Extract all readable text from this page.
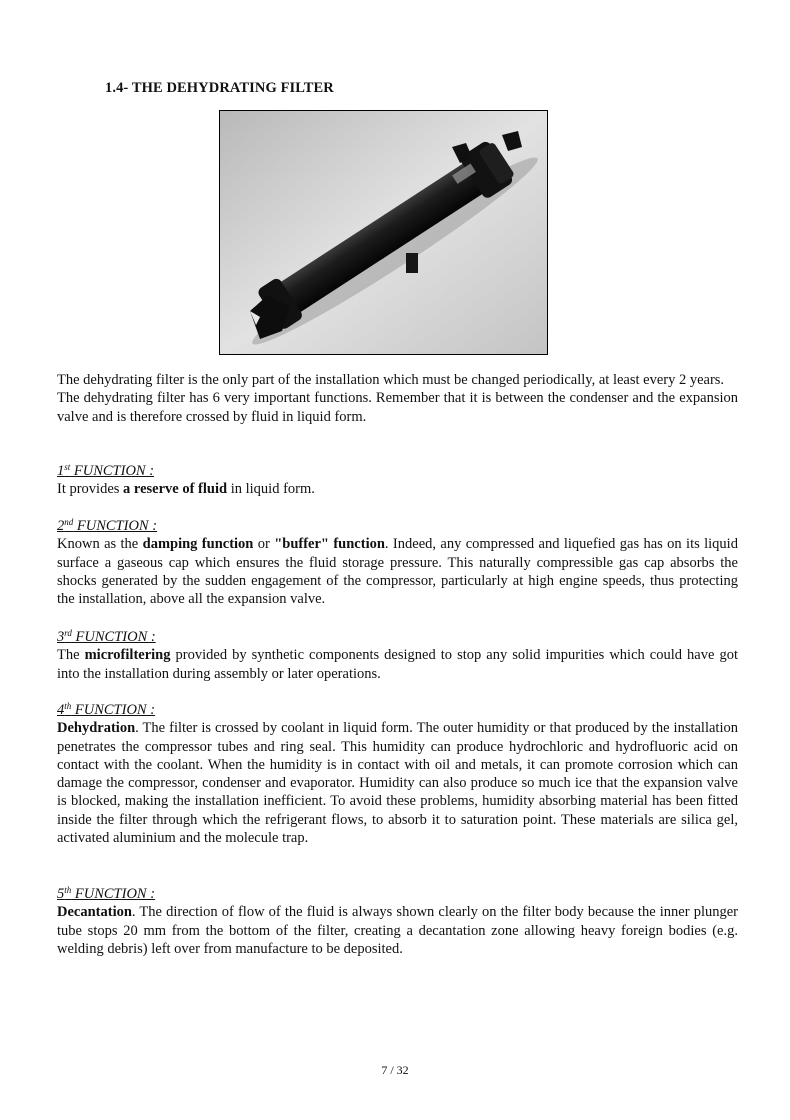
1.4- THE DEHYDRATING FILTER

The dehydrating filter is the only part of the installation which must be changed periodically, at least every 2 years.

The dehydrating filter has 6 very important functions. Remember that it is between the condenser and the expansion valve and is therefore crossed by fluid in liquid form.

1st FUNCTION :

It provides a reserve of fluid in liquid form.

2nd FUNCTION :

Known as the damping function or "buffer" function. Indeed, any compressed and liquefied gas has on its liquid surface a gaseous cap which ensures the fluid storage pressure. This naturally compressible gas cap absorbs the shocks generated by the sudden engagement of the compressor, particularly at high engine speeds, thus protecting the installation, above all the expansion valve.

3rd FUNCTION :

The microfiltering provided by synthetic components designed to stop any solid impurities which could have got into the installation during assembly or later operations.

4th FUNCTION :

Dehydration. The filter is crossed by coolant in liquid form. The outer humidity or that produced by the installation penetrates the compressor tubes and ring seal. This humidity can produce hydrochloric and hydrofluoric acid on contact with the coolant. When the humidity is in contact with oil and metals, it can promote corrosion which can damage the compressor, condenser and evaporator. Humidity can also produce so much ice that the expansion valve is blocked, making the installation inefficient. To avoid these problems, humidity absorbing material has been fitted inside the filter through which the refrigerant flows, to absorb it to saturation point. These materials are silica gel, activated aluminium and the molecule trap.

5th FUNCTION :

Decantation. The direction of flow of the fluid is always shown clearly on the filter body because the inner plunger tube stops 20 mm from the bottom of the filter, creating a decantation zone allowing heavy foreign bodies (e.g. welding debris) left over from manufacture to be deposited.

7 / 32
